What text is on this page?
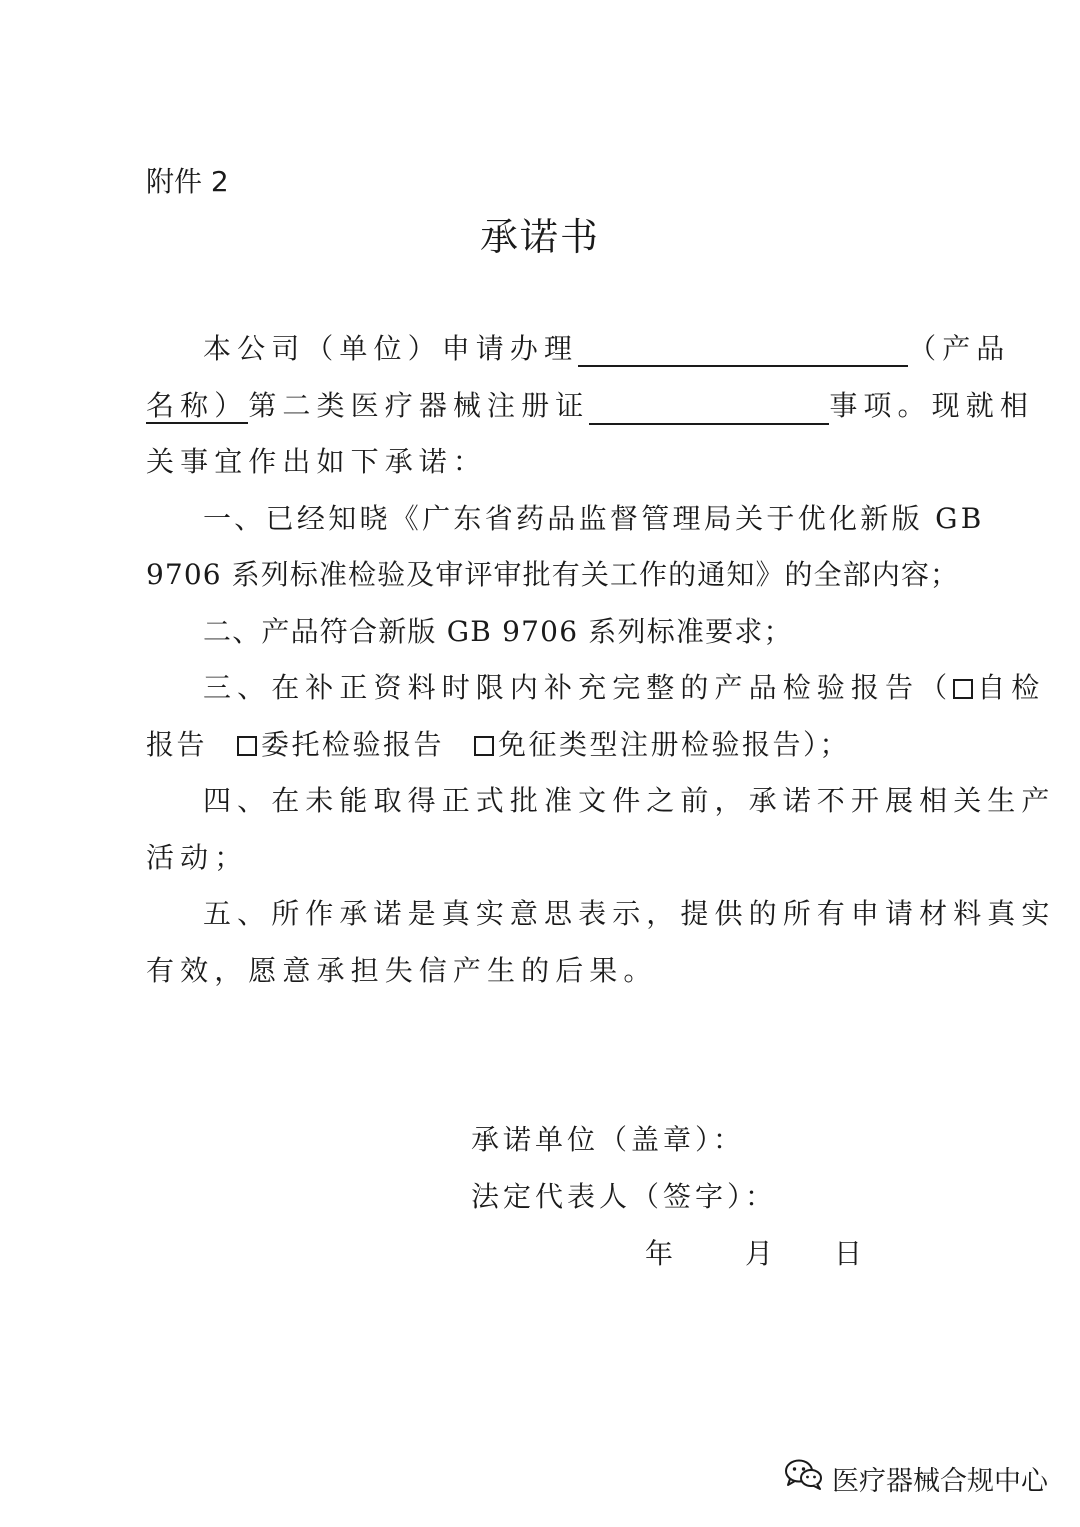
附件 2
承诺书
本公司（单位）申请办理	（产品
名称）第二类医疗器械注册证	事项。现就相
关事宜作出如下承诺：
一、已经知晓《广东省药品监督管理局关于优化新版 GB
9706 系列标准检验及审评审批有关工作的通知》的全部内容；
二、产品符合新版 GB 9706 系列标准要求；
三、在补正资料时限内补充完整的产品检验报告（ 自检
报告 委托检验报告 免征类型注册检验报告）；
四、在未能取得正式批准文件之前，承诺不开展相关生产
活动；
五、所作承诺是真实意思表示，提供的所有申请材料真实
有效，愿意承担失信产生的后果。
承诺单位（盖章）：
法定代表人（签字）：
年 月 日
医疗器械合规中心
